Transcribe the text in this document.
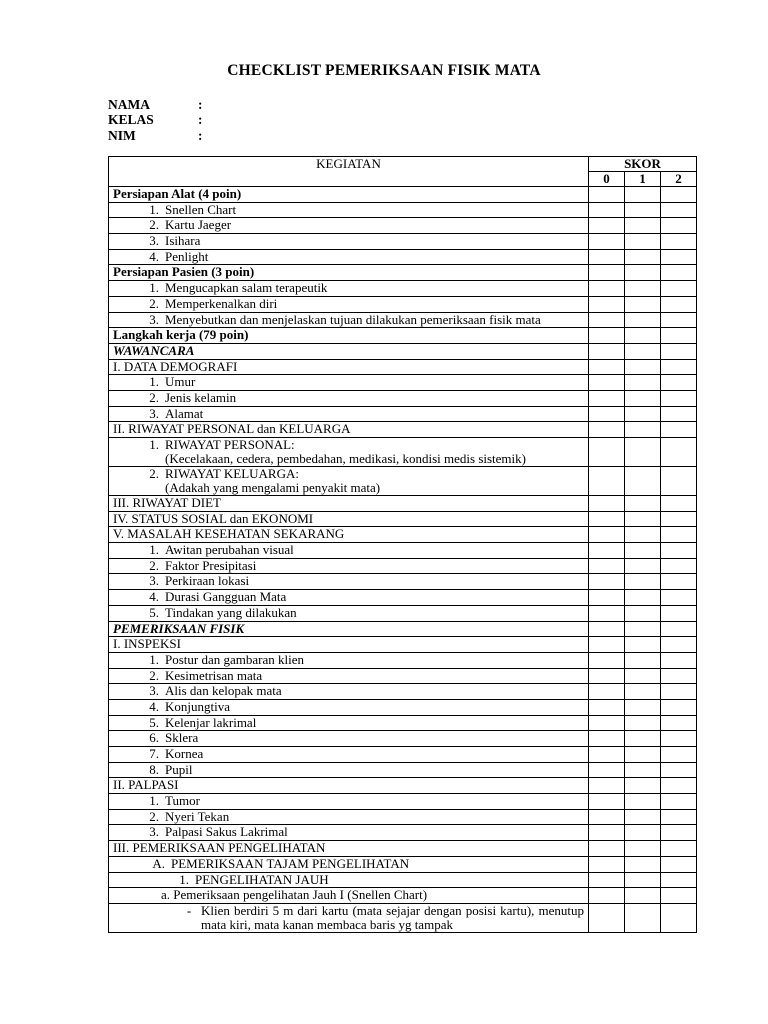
CHECKLIST PEMERIKSAAN FISIK MATA
NAMA	:
KELAS	:
NIM	:
KEGIATAN	SKOR		
	0	1	2
Persiapan Alat (4 poin)			

1. Snellen Chart			

2. Kartu Jaeger			

3. Isihara			

4. Penlight			

Persiapan Pasien (3 poin)			

1. Mengucapkan salam terapeutik			

2. Memperkenalkan diri			

3. Menyebutkan dan menjelaskan tujuan dilakukan pemeriksaan fisik mata			

Langkah kerja (79 poin)			
WAWANCARA			
I. DATA DEMOGRAFI			

1. Umur			

2. Jenis kelamin			

3. Alamat			

II. RIWAYAT PERSONAL dan KELUARGA			

1. RIWAYAT PERSONAL:
(Kecelakaan, cedera, pembedahan, medikasi, kondisi medis sistemik)			

2. RIWAYAT KELUARGA:
(Adakah yang mengalami penyakit mata)			

III. RIWAYAT DIET			
IV. STATUS SOSIAL dan EKONOMI			
V. MASALAH KESEHATAN SEKARANG			

1. Awitan perubahan visual			

2. Faktor Presipitasi			

3. Perkiraan lokasi			

4. Durasi Gangguan Mata			

5. Tindakan yang dilakukan			

PEMERIKSAAN FISIK			
I. INSPEKSI			

1. Postur dan gambaran klien			

2. Kesimetrisan mata			

3. Alis dan kelopak mata			

4. Konjungtiva			

5. Kelenjar lakrimal			

6. Sklera			

7. Kornea			

8. Pupil			

II. PALPASI			

1. Tumor			

2. Nyeri Tekan			

3. Palpasi Sakus Lakrimal			

III. PEMERIKSAAN PENGELIHATAN			

A. PEMERIKSAAN TAJAM PENGELIHATAN			

1. PENGELIHATAN JAUH			

a. Pemeriksaan pengelihatan Jauh I (Snellen Chart)			

- Klien berdiri 5 m dari kartu (mata sejajar dengan posisi kartu), menutup mata kiri, mata kanan membaca baris yg tampak			
